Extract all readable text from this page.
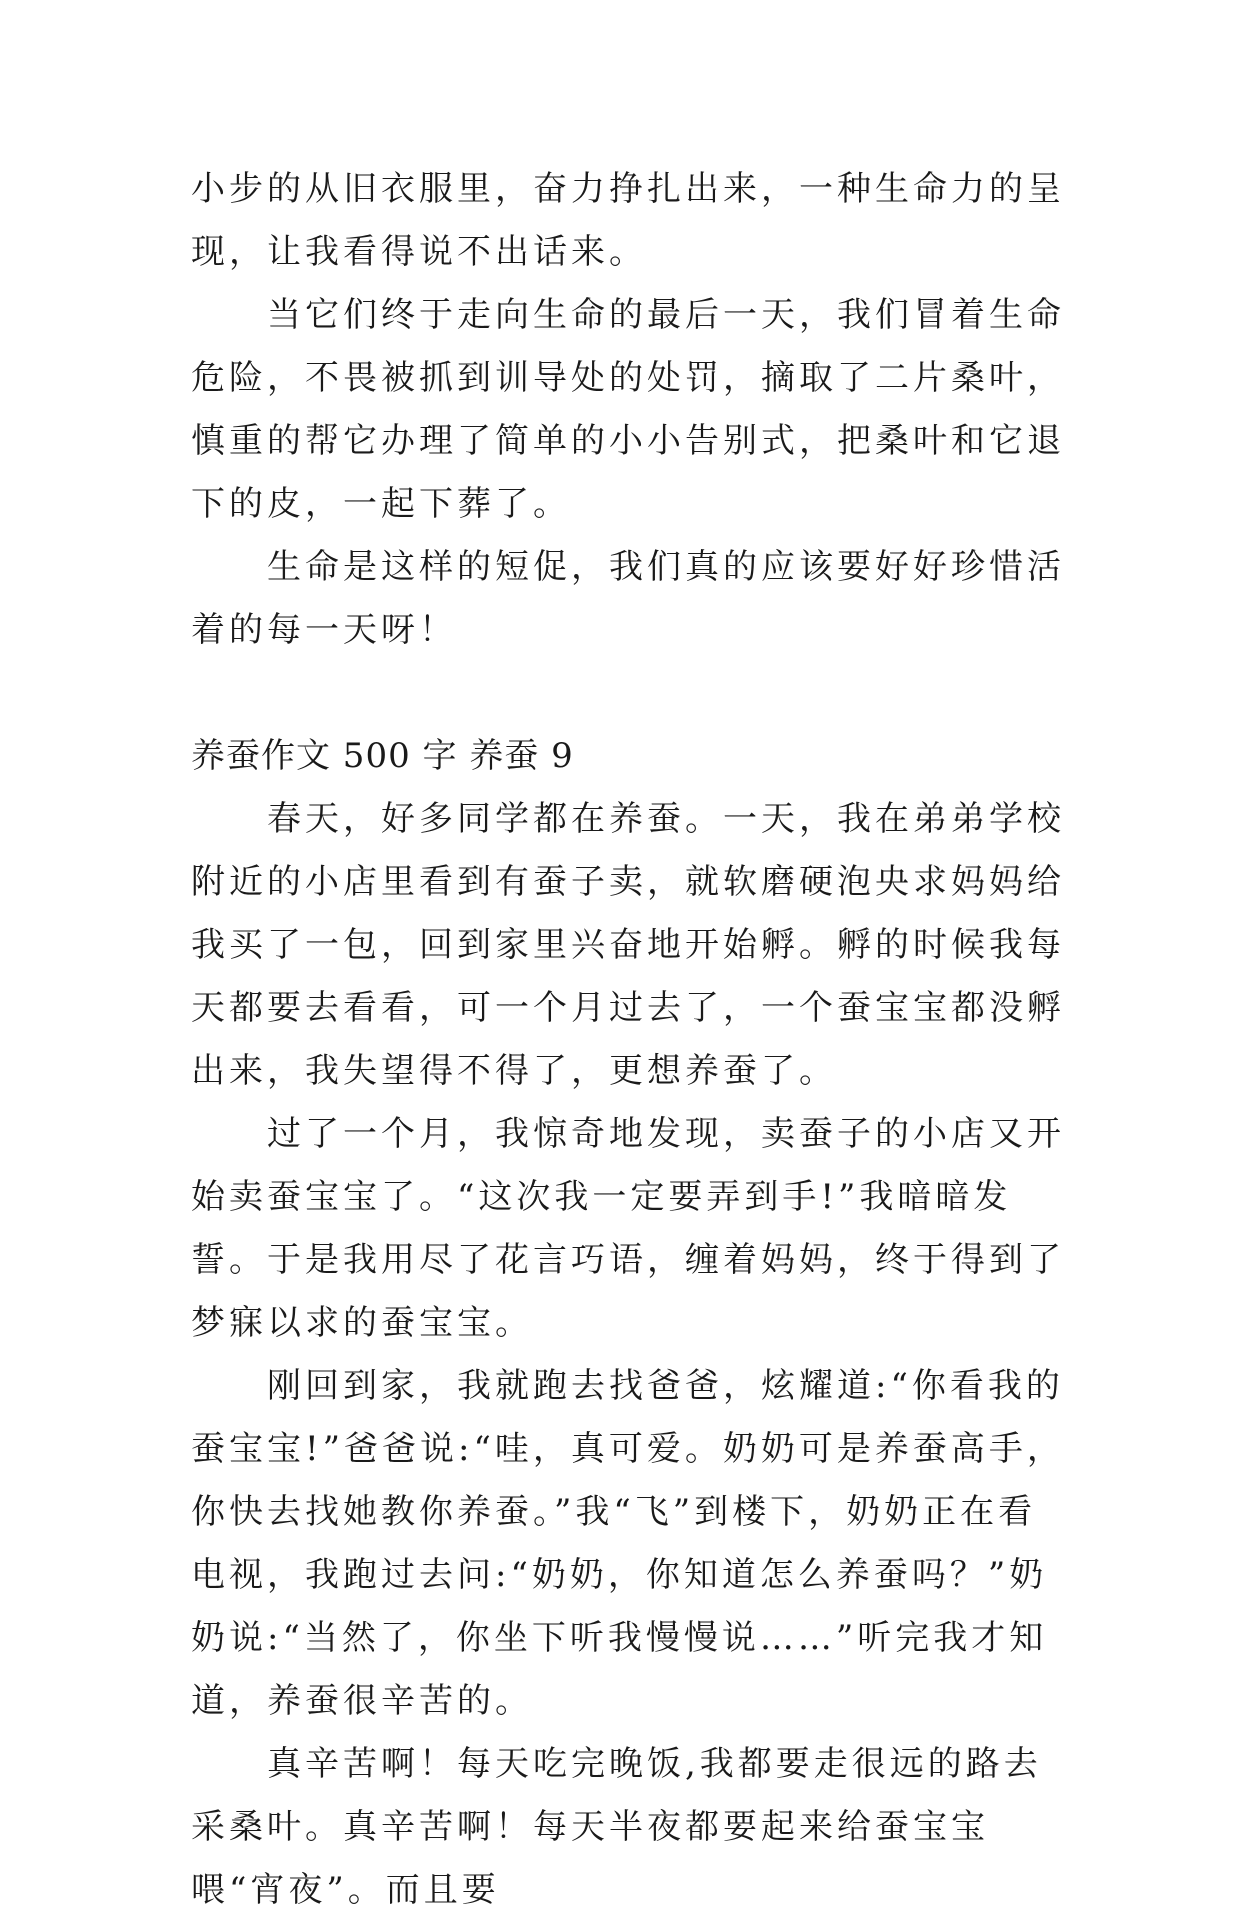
小步的从旧衣服里，奋力挣扎出来，一种生命力的呈现，让我看得说不出话来。

当它们终于走向生命的最后一天，我们冒着生命危险，不畏被抓到训导处的处罚，摘取了二片桑叶，慎重的帮它办理了简单的小小告别式，把桑叶和它退下的皮，一起下葬了。

生命是这样的短促，我们真的应该要好好珍惜活着的每一天呀！

养蚕作文 500 字 养蚕 9

春天，好多同学都在养蚕。一天，我在弟弟学校附近的小店里看到有蚕子卖，就软磨硬泡央求妈妈给我买了一包，回到家里兴奋地开始孵。孵的时候我每天都要去看看，可一个月过去了，一个蚕宝宝都没孵出来，我失望得不得了，更想养蚕了。

过了一个月，我惊奇地发现，卖蚕子的小店又开始卖蚕宝宝了。“这次我一定要弄到手!”我暗暗发誓。于是我用尽了花言巧语，缠着妈妈，终于得到了梦寐以求的蚕宝宝。

刚回到家，我就跑去找爸爸，炫耀道:“你看我的蚕宝宝!”爸爸说:“哇，真可爱。奶奶可是养蚕高手，你快去找她教你养蚕。”我“飞”到楼下，奶奶正在看电视，我跑过去问:“奶奶，你知道怎么养蚕吗？”奶奶说:“当然了，你坐下听我慢慢说……”听完我才知道，养蚕很辛苦的。

真辛苦啊！每天吃完晚饭,我都要走很远的路去采桑叶。真辛苦啊！每天半夜都要起来给蚕宝宝喂“宵夜”。而且要
